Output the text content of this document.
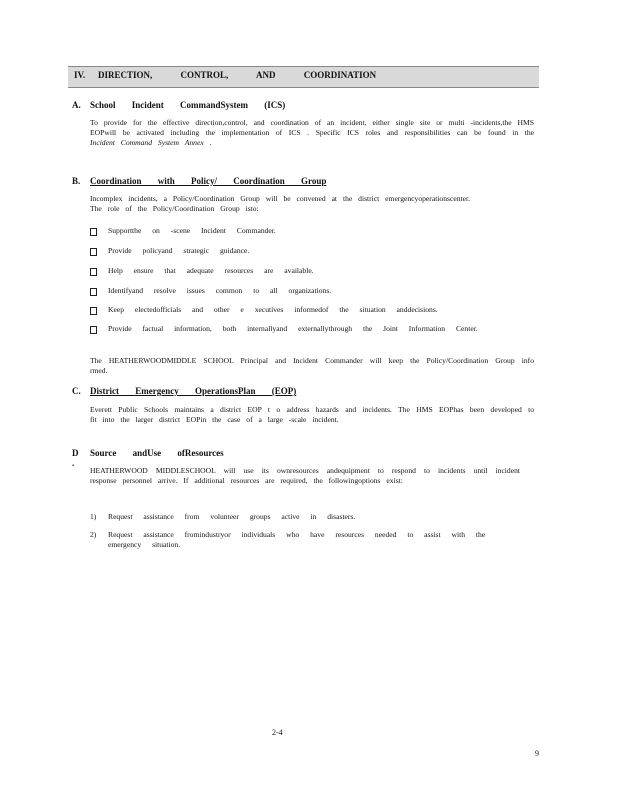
IV. DIRECTION, CONTROL, AND COORDINATION
A. School Incident CommandSystem (ICS)
To provide for the effective direction,control, and coordination of an incident, either single site or multi -incidents,the HMS EOPwill be activated including the implementation of ICS . Specific ICS roles and responsibilities can be found in the Incident Command System Annex .
B. Coordination with Policy/ Coordination Group
Incomplex incidents, a Policy/Coordination Group will be convened at the district emergencyoperationscenter. The role of the Policy/Coordination Group isto:
Supportthe on -scene Incident Commander.
Provide policyand strategic guidance.
Help ensure that adequate resources are available.
Identifyand resolve issues common to all organizations.
Keep electedofficials and other e xecutives informedof the situation anddecisions.
Provide factual information, both internallyand externallythrough the Joint Information Center.
The HEATHERWOODMIDDLE SCHOOL Principal and Incident Commander will keep the Policy/Coordination Group info rmed.
C. District Emergency OperationsPlan (EOP)
Everett Public Schools maintains a district EOP t o address hazards and incidents. The HMS EOPhas been developed to fit into the larger district EOPin the case of a large -scale incident.
D .
Source andUse ofResources
HEATHERWOOD MIDDLESCHOOL will use its ownresources andequipment to respond to incidents until incident response personnel arrive. If additional resources are required, the followingoptions exist:
1) Request assistance from volunteer groups active in disasters.
2) Request assistance fromindustryor individuals who have resources needed to assist with the emergency situation.
2-4
9
